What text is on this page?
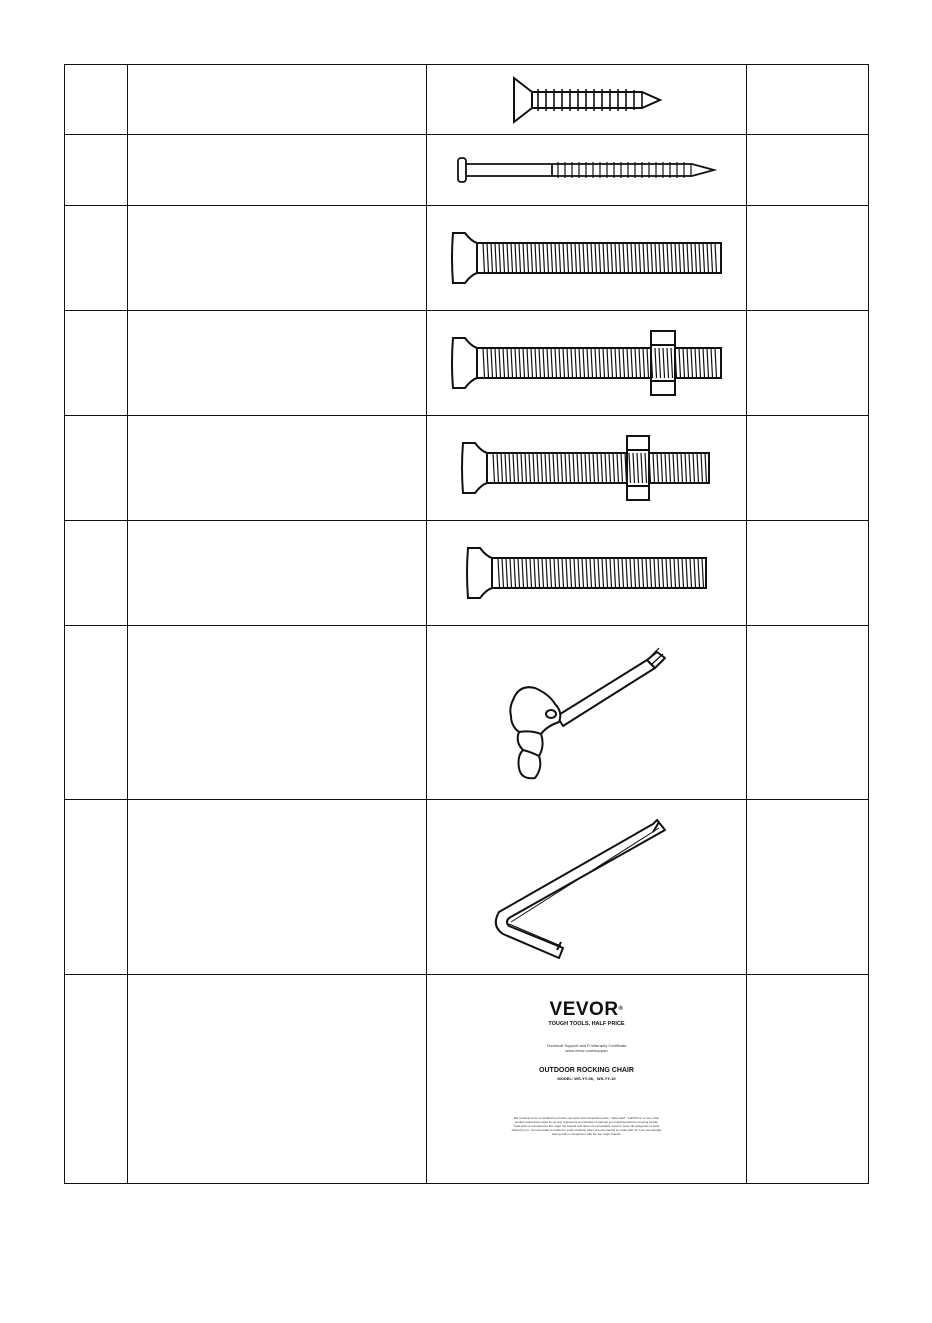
VEVOR®
TOUGH TOOLS, HALF PRICE
Technical Support and E-Warranty Certificate
www.vevor.com/support
OUTDOOR ROCKING CHAIR
MODEL: WS-YY-06、WS-YY-10
We continue to be committed to provide you tools with competitive price. "Save Half", "Half Price" or any other similar expressions used by us only represents an estimate of savings you might benefit from buying certain tools with us compared to the major top brands and does not necessarily mean to cover all categories of tools offered by us. You are kindly reminded to verify carefully when you are placing an order with us if you are actually saving half in comparison with the top major brands.
